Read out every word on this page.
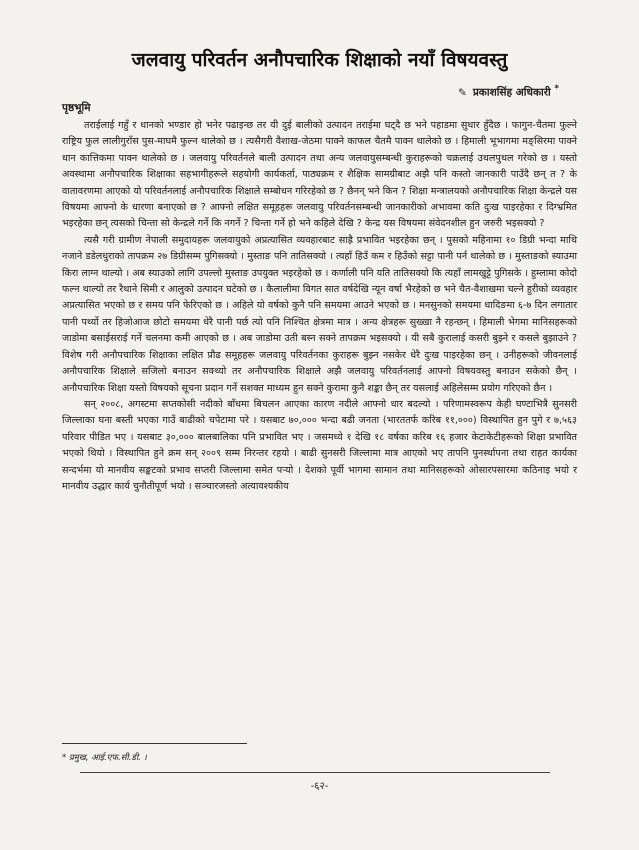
जलवायु परिवर्तन अनौपचारिक शिक्षाको नयाँ विषयवस्तु
✎ प्रकाशसिंह अधिकारी *
पृष्ठभूमि

तराईलाई गहुँ र धानको भण्डार हो भनेर पढाइन्छ तर यी दुई बालीको उत्पादन तराईमा घट्दै छ भने पहाडमा सुधार हुँदैछ । फागुन-चैतमा फुल्ने राष्ट्रिय फुल लालीगुराँस पुस-माघमै फुल्न थालेको छ । त्यसैगरी वैशाख-जेठमा पाक्ने काफल चैतमै पाक्न थालेको छ । हिमाली भूभागमा मङ्सिरमा पाक्ने धान कात्तिकमा पाक्न थालेको छ । जलवायु परिवर्तनले बाली उत्पादन तथा अन्य जलवायुसम्बन्धी कुराहरूको चक्रलाई उथलपुथल गरेको छ । यस्तो अवस्थामा अनौपचारिक शिक्षाका सहभागीहरूले सहयोगी कार्यकर्ता, पाठ्यक्रम र शैक्षिक सामग्रीबाट अझै पनि कस्तो जानकारी पाउँदै छन् त ? के वातावरणमा आएको यो परिवर्तनलाई अनौपचारिक शिक्षाले सम्बोधन गरिरहेको छ ? छैनन् भने किन ? शिक्षा मन्त्रालयको अनौपचारिक शिक्षा केन्द्रले यस विषयमा आफ्नो के धारणा बनाएको छ ? आफ्नो लक्षित समूहहरू जलवायु परिवर्तनसम्बन्धी जानकारीको अभावमा कति दुःख पाइरहेका र दिग्भ्रमित भइरहेका छन् त्यसको चिन्ता सो केन्द्रले गर्ने कि नगर्ने ? चिन्ता गर्ने हो भने कहिले देखि ? केन्द्र यस विषयमा संवेदनशील हुन जरुरी भइसक्यो ?

त्यसै गरी ग्रामीण नेपाली समुदायहरू जलवायुको अप्रत्यासित व्यवहारबाट साह्रै प्रभावित भइरहेका छन् । पुसको महिनामा १० डिग्री भन्दा माथि नजाने डडेलधुराको तापक्रम २७ डिग्रीसम्म पुगिसक्यो । मुस्ताङ पनि तातिसक्यो । त्यहाँ हिउँ कम र हिउँको सट्टा पानी पर्न थालेको छ । मुस्ताङको स्याउमा किरा लाग्न थाल्यो । अब स्याउको लागि उपल्लो मुस्ताङ उपयुक्त भइरहेको छ । कर्णाली पनि यति तातिसक्यो कि त्यहाँ लामखुट्टे पुगिसके । हुम्लामा कोदो फल्न थाल्यो तर रैथाने सिमी र आलुको उत्पादन घटेको छ । कैलालीमा विगत सात वर्षदेखि न्यून वर्षा भैरहेको छ भने चैत-वैशाखमा चल्ने हुरीको व्यवहार अप्रत्यासित भएको छ र समय पनि फेरिएको छ । अहिले यो वर्षको कुनै पनि समयमा आउने भएको छ । मनसुनको समयमा धादिङमा ६-७ दिन लगातार पानी पर्थ्यो तर हिजोआज छोटो समयमा धेरै पानी पर्छ त्यो पनि निश्चित क्षेत्रमा मात्र । अन्य क्षेत्रहरू सुख्खा नै रहन्छन् । हिमाली भेगमा मानिसहरूको जाडोमा बसाईसराई गर्ने चलनमा कमी आएको छ । अब जाडोमा उती बस्न सक्ने तापक्रम भइसक्यो । यी सबै कुरालाई कसरी बुझ्ने र कसले बुझाउने ? विशेष गरी अनौपचारिक शिक्षाका लक्षित प्रौढ समूहहरू जलवायु परिवर्तनका कुराहरू बुझ्न नसकेर धेरै दुःख पाइरहेका छन् । उनीहरूको जीवनलाई अनौपचारिक शिक्षाले सजिलो बनाउन सक्थ्यो तर अनौपचारिक शिक्षाले अझै जलवायु परिवर्तनलाई आफ्नो विषयवस्तु बनाउन सकेको छैन् । अनौपचारिक शिक्षा यस्तो विषयको सूचना प्रदान गर्ने सशक्त माध्यम हुन सक्ने कुरामा कुनै शङ्का छैन् तर यसलाई अहिलेसम्म प्रयोग गरिएको छैन ।

सन् २००८, अगस्टमा सप्तकोसी नदीको बाँधमा बिचलन आएका कारण नदीले आफ्नो धार बदल्यो । परिणामस्वरूप केही घण्टाभित्रै सुनसरी जिल्लाका घना बस्ती भएका गाउँ बाढीको चपेटामा परे । यसबाट ७०,००० भन्दा बढी जनता (भारततर्फ करिब ११,०००) विस्थापित हुन पुगे र ७,५६३ परिवार पीडित भए । यसबाट ३०,००० बालबालिका पनि प्रभावित भए । जसमध्ये १ देखि १८ वर्षका करिब १६ हजार केटाकेटीहरूको शिक्षा प्रभावित भएको थियो । विस्थापित हुने क्रम सन् २००९ सम्म निरन्तर रहयो । बाढी सुनसरी जिल्लामा मात्र आएको भए तापनि पुनर्स्थापना तथा राहत कार्यका सन्दर्भमा यो मानवीय सङ्कटको प्रभाव सप्तरी जिल्लामा समेत पऱ्यो । देशको पूर्वी भागमा सामान तथा मानिसहरूको ओसारपसारमा कठिनाइ भयो र मानवीय उद्धार कार्य चुनौतीपूर्ण भयो । सञ्चारजस्तो अत्यावश्यकीय

* प्रमुख, आई.एफ.सी.डी. ।
-६२-
